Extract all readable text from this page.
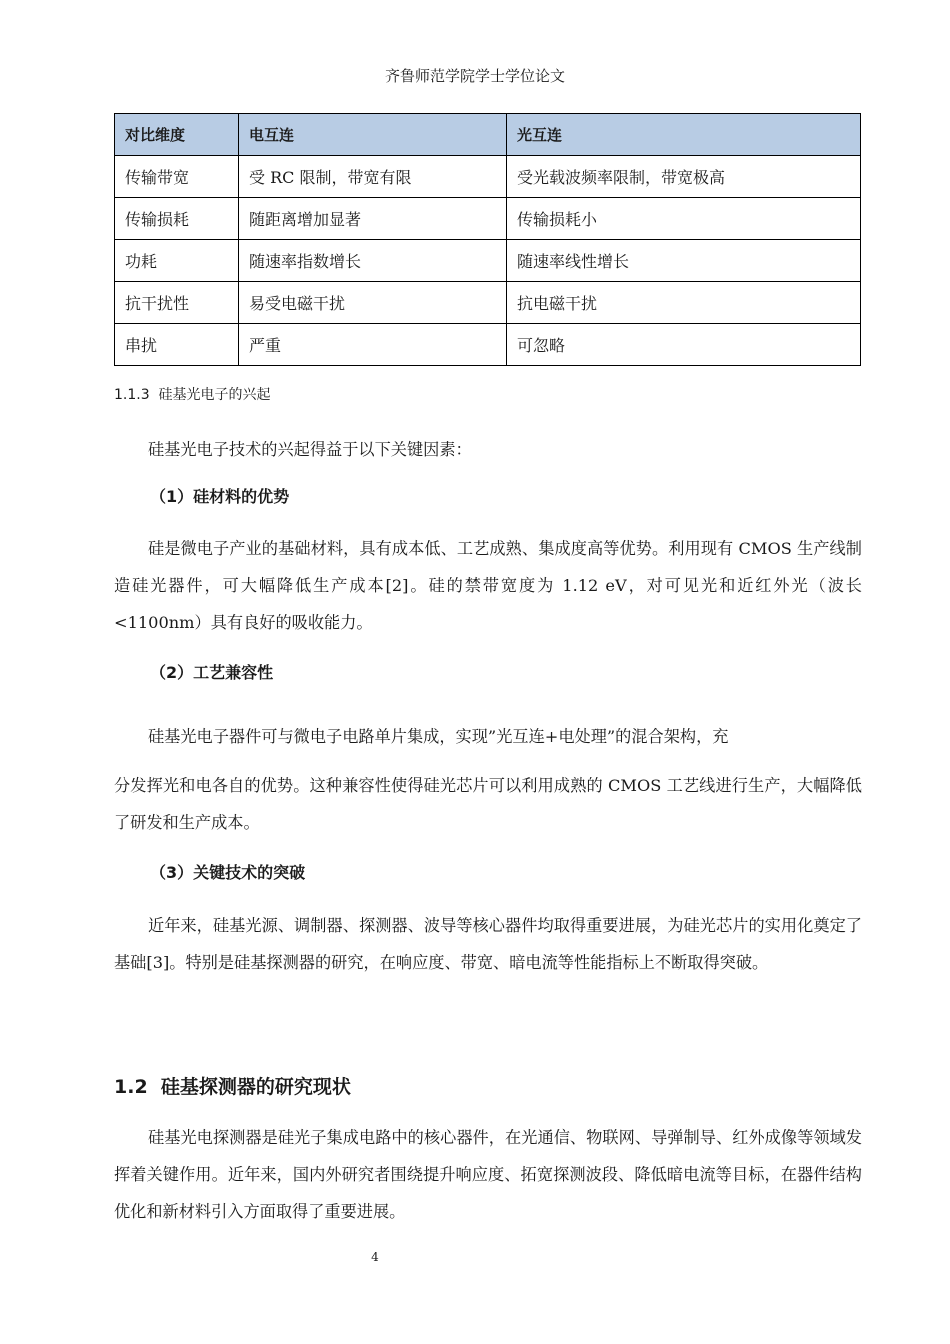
齐鲁师范学院学士学位论文
对比维度	电互连	光互连
传输带宽	受 RC 限制，带宽有限	受光载波频率限制，带宽极高
传输损耗	随距离增加显著	传输损耗小
功耗	随速率指数增长	随速率线性增长
抗干扰性	易受电磁干扰	抗电磁干扰
串扰	严重	可忽略
1.1.3 硅基光电子的兴起

硅基光电子技术的兴起得益于以下关键因素：

（1）硅材料的优势

硅是微电子产业的基础材料，具有成本低、工艺成熟、集成度高等优势。利用现有 CMOS 生产线制造硅光器件，可大幅降低生产成本[2]。硅的禁带宽度为 1.12 eV，对可见光和近红外光（波长<1100nm）具有良好的吸收能力。

（2）工艺兼容性

硅基光电子器件可与微电子电路单片集成，实现”光互连+电处理”的混合架构，充

分发挥光和电各自的优势。这种兼容性使得硅光芯片可以利用成熟的 CMOS 工艺线进行生产，大幅降低了研发和生产成本。

（3）关键技术的突破

近年来，硅基光源、调制器、探测器、波导等核心器件均取得重要进展，为硅光芯片的实用化奠定了基础[3]。特别是硅基探测器的研究，在响应度、带宽、暗电流等性能指标上不断取得突破。

1.2 硅基探测器的研究现状

硅基光电探测器是硅光子集成电路中的核心器件，在光通信、物联网、导弹制导、红外成像等领域发挥着关键作用。近年来，国内外研究者围绕提升响应度、拓宽探测波段、降低暗电流等目标，在器件结构优化和新材料引入方面取得了重要进展。

4
